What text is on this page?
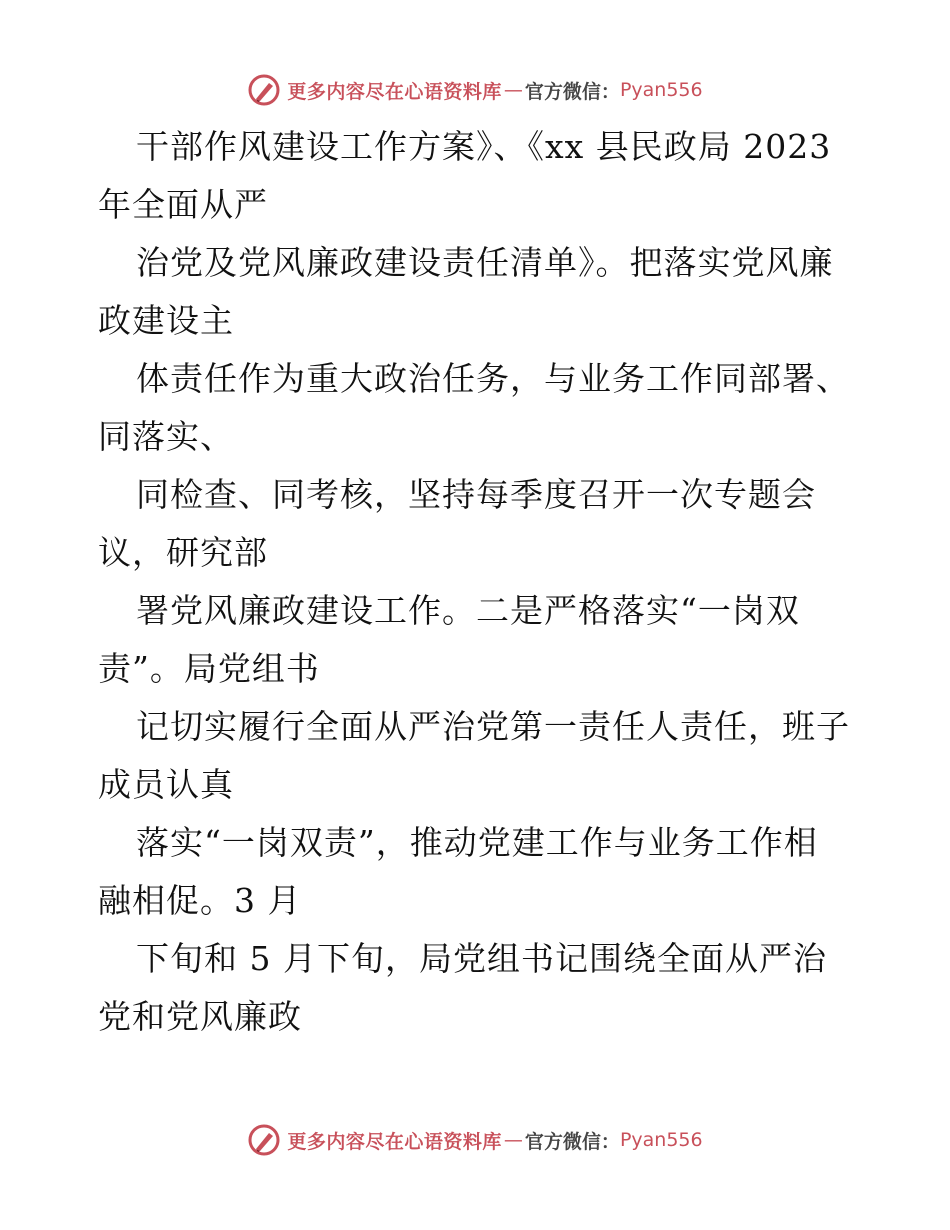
更多内容尽在心语资料库 — 官方微信： Pyan556
干部作风建设工作方案》、《xx 县民政局 2023
年全面从严
治党及党风廉政建设责任清单》。把落实党风廉
政建设主
体责任作为重大政治任务，与业务工作同部署、
同落实、
同检查、同考核，坚持每季度召开一次专题会
议，研究部
署党风廉政建设工作。二是严格落实“一岗双
责”。局党组书
记切实履行全面从严治党第一责任人责任，班子
成员认真
落实“一岗双责”，推动党建工作与业务工作相
融相促。3 月
下旬和 5 月下旬，局党组书记围绕全面从严治
党和党风廉政
更多内容尽在心语资料库 — 官方微信： Pyan556
